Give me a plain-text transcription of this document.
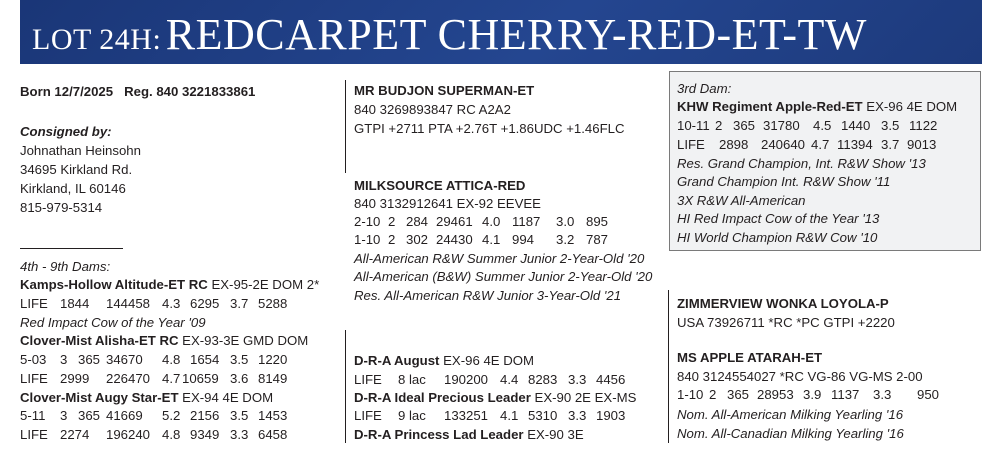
LOT 24H: REDCARPET CHERRY-RED-ET-TW
Born 12/7/2025 Reg. 840 3221833861
Consigned by:
Johnathan Heinsohn
34695 Kirkland Rd.
Kirkland, IL 60146
815-979-5314
4th - 9th Dams:
Kamps-Hollow Altitude-ET RC EX-95-2E DOM 2*
LIFE 1844 144458 4.3 6295 3.7 5288
Red Impact Cow of the Year '09
Clover-Mist Alisha-ET RC EX-93-3E GMD DOM
5-03 3 365 34670 4.8 1654 3.5 1220
LIFE 2999 226470 4.7 10659 3.6 8149
Clover-Mist Augy Star-ET EX-94 4E DOM
5-11 3 365 41669 5.2 2156 3.5 1453
LIFE 2274 196240 4.8 9349 3.3 6458
MR BUDJON SUPERMAN-ET
840 3269893847 RC A2A2
GTPI +2711 PTA +2.76T +1.86UDC +1.46FLC
MILKSOURCE ATTICA-RED
840 3132912641 EX-92 EEVEE
2-10 2 284 29461 4.0 1187 3.0 895
1-10 2 302 24430 4.1 994 3.2 787
All-American R&W Summer Junior 2-Year-Old '20
All-American (B&W) Summer Junior 2-Year-Old '20
Res. All-American R&W Junior 3-Year-Old '21
D-R-A August EX-96 4E DOM
LIFE 8 lac 190200 4.4 8283 3.3 4456
D-R-A Ideal Precious Leader EX-90 2E EX-MS
LIFE 9 lac 133251 4.1 5310 3.3 1903
D-R-A Princess Lad Leader EX-90 3E
3rd Dam:
KHW Regiment Apple-Red-ET EX-96 4E DOM
10-11 2 365 31780 4.5 1440 3.5 1122
LIFE 2898 240640 4.7 11394 3.7 9013
Res. Grand Champion, Int. R&W Show '13
Grand Champion Int. R&W Show '11
3X R&W All-American
HI Red Impact Cow of the Year '13
HI World Champion R&W Cow '10
ZIMMERVIEW WONKA LOYOLA-P
USA 73926711 *RC *PC GTPI +2220
MS APPLE ATARAH-ET
840 3124554027 *RC VG-86 VG-MS 2-00
1-10 2 365 28953 3.9 1137 3.3 950
Nom. All-American Milking Yearling '16
Nom. All-Canadian Milking Yearling '16
